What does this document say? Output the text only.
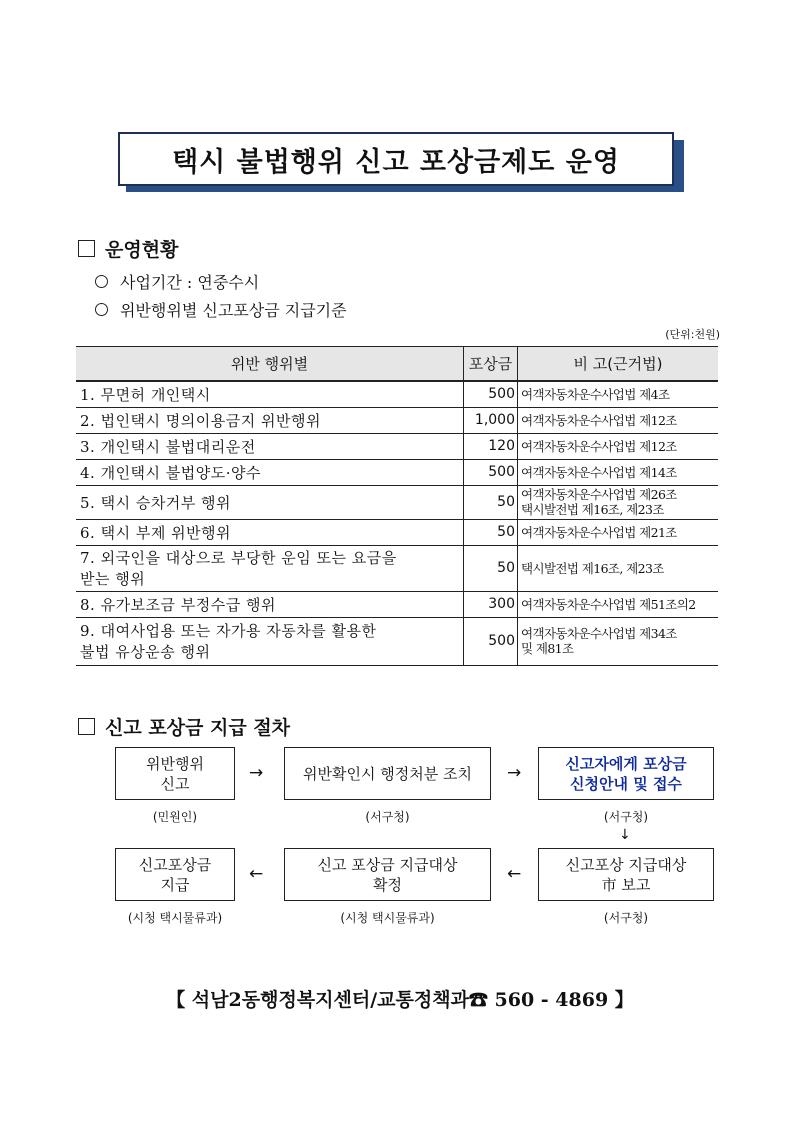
택시 불법행위 신고 포상금제도 운영
운영현황
사업기간 : 연중수시
위반행위별 신고포상금 지급기준
(단위:천원)
위반 행위별	포상금	비 고(근거법)
1. 무면허 개인택시	500	여객자동차운수사업법 제4조
2. 법인택시 명의이용금지 위반행위	1,000	여객자동차운수사업법 제12조
3. 개인택시 불법대리운전	120	여객자동차운수사업법 제12조
4. 개인택시 불법양도·양수	500	여객자동차운수사업법 제14조
5. 택시 승차거부 행위	50	여객자동차운수사업법 제26조
택시발전법 제16조, 제23조
6. 택시 부제 위반행위	50	여객자동차운수사업법 제21조
7. 외국인을 대상으로 부당한 운임 또는 요금을
받는 행위	50	택시발전법 제16조, 제23조
8. 유가보조금 부정수급 행위	300	여객자동차운수사업법 제51조의2
9. 대여사업용 또는 자가용 자동차를 활용한
불법 유상운송 행위	500	여객자동차운수사업법 제34조
및 제81조
신고 포상금 지급 절차
위반행위
신고
→	위반확인시 행정처분 조치 →	신고자에게 포상금
신청안내 및 접수
(민원인)	(서구청)	(서구청)
↓
신고포상금
지급
←	신고 포상금 지급대상
확정
←	신고포상 지급대상
市 보고
(시청 택시물류과)	(시청 택시물류과)	(서구청)
【 석남2동행정복지센터/교통정책과☎ 560 - 4869 】
